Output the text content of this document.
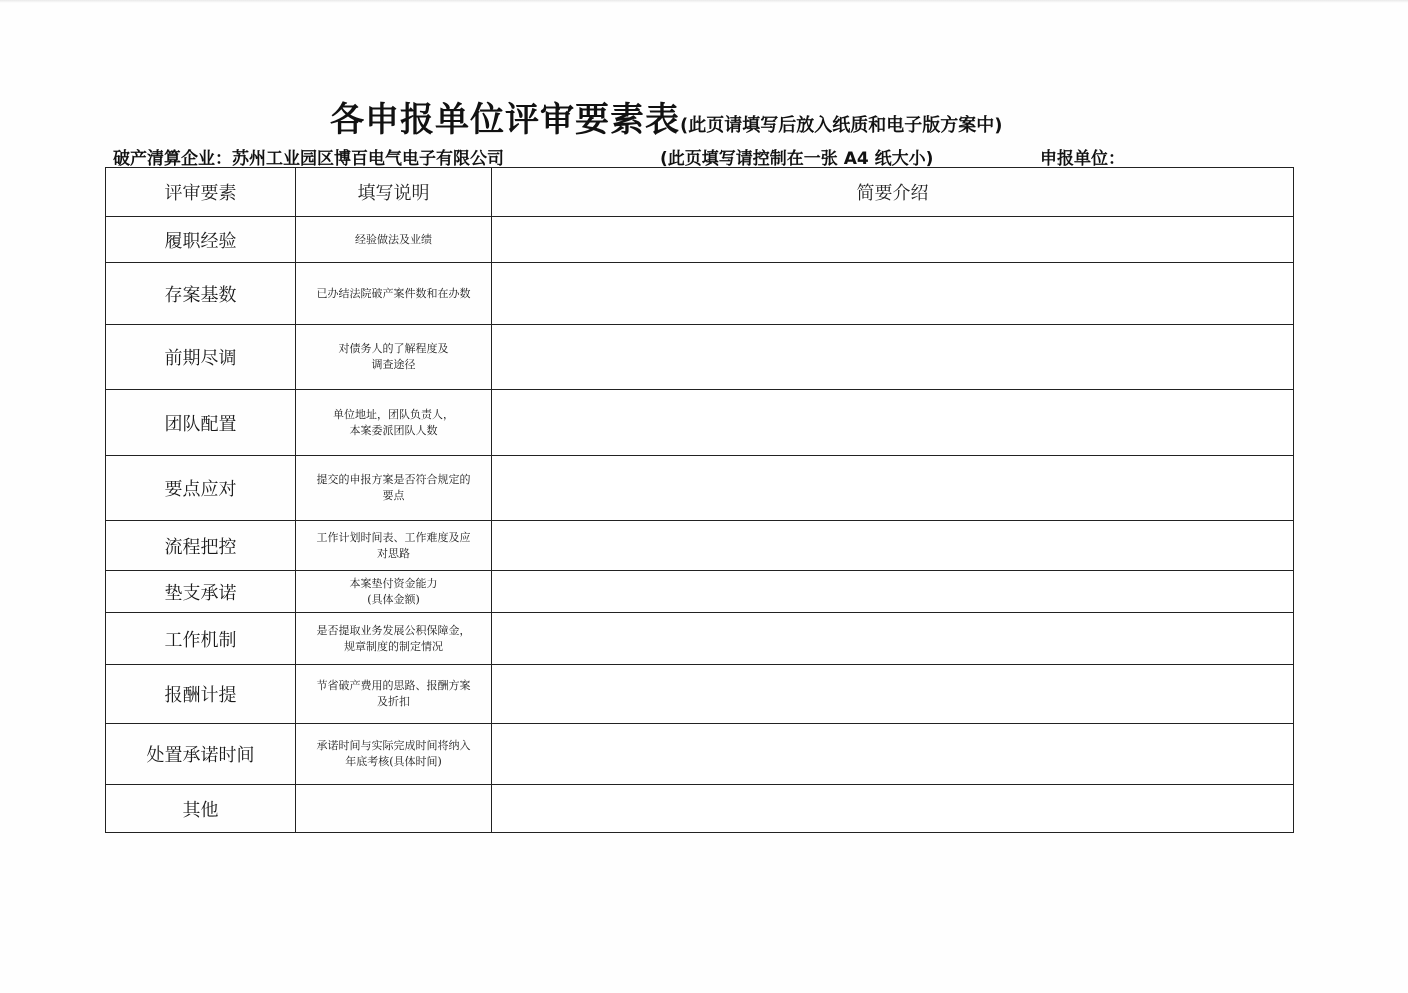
各申报单位评审要素表(此页请填写后放入纸质和电子版方案中)
破产清算企业：苏州工业园区博百电气电子有限公司	(此页填写请控制在一张 A4 纸大小)	申报单位：
评审要素	填写说明	简要介绍
履职经验	经验做法及业绩	

存案基数	已办结法院破产案件数和在办数	

前期尽调	对债务人的了解程度及
调查途径	

团队配置	单位地址，团队负责人，
本案委派团队人数	

要点应对	提交的申报方案是否符合规定的
要点	

流程把控	工作计划时间表、工作难度及应
对思路	

垫支承诺	本案垫付资金能力
(具体金额)	

工作机制	是否提取业务发展公积保障金，
规章制度的制定情况	

报酬计提	节省破产费用的思路、报酬方案
及折扣	

处置承诺时间	承诺时间与实际完成时间将纳入
年底考核(具体时间)	

其他		
